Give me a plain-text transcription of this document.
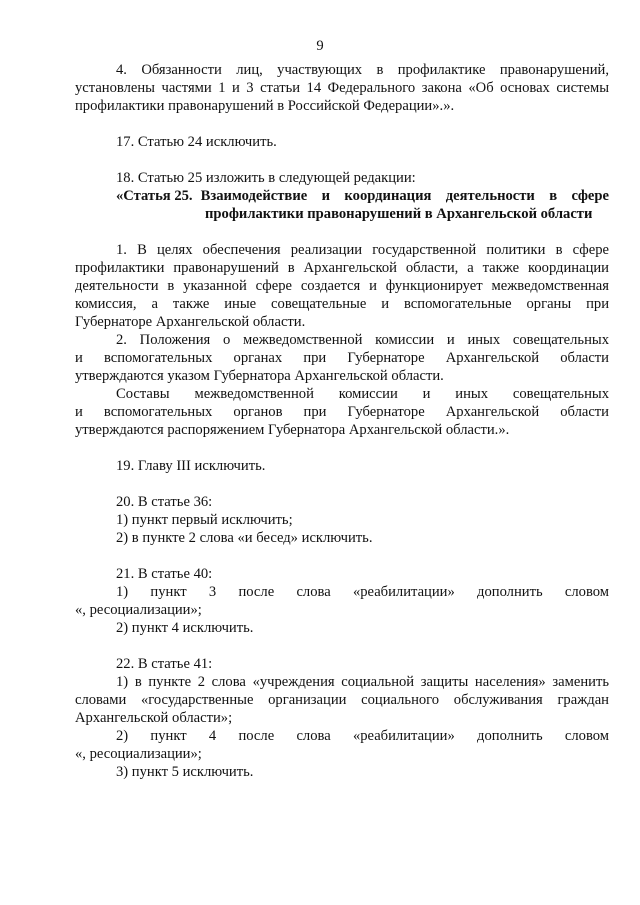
9
4. Обязанности лиц, участвующих в профилактике правонарушений,
установлены частями 1 и 3 статьи 14 Федерального закона «Об основах системы
профилактики правонарушений в Российской Федерации».».
17. Статью 24 исключить.
18. Статью 25 изложить в следующей редакции:
«Статья 25. Взаимодействие и координация деятельности в сфере
профилактики правонарушений в Архангельской области
1. В целях обеспечения реализации государственной политики в сфере
профилактики правонарушений в Архангельской области, а также координации
деятельности в указанной сфере создается и функционирует межведомственная
комиссия, а также иные совещательные и вспомогательные органы при
Губернаторе Архангельской области.
2. Положения о межведомственной комиссии и иных совещательных
и вспомогательных органах при Губернаторе Архангельской области
утверждаются указом Губернатора Архангельской области.
Составы межведомственной комиссии и иных совещательных
и вспомогательных органов при Губернаторе Архангельской области
утверждаются распоряжением Губернатора Архангельской области.».
19. Главу III исключить.
20. В статье 36:
1) пункт первый исключить;
2) в пункте 2 слова «и бесед» исключить.
21. В статье 40:
1) пункт 3 после слова «реабилитации» дополнить словом
«, ресоциализации»;
2) пункт 4 исключить.
22. В статье 41:
1) в пункте 2 слова «учреждения социальной защиты населения» заменить
словами «государственные организации социального обслуживания граждан
Архангельской области»;
2) пункт 4 после слова «реабилитации» дополнить словом
«, ресоциализации»;
3) пункт 5 исключить.
